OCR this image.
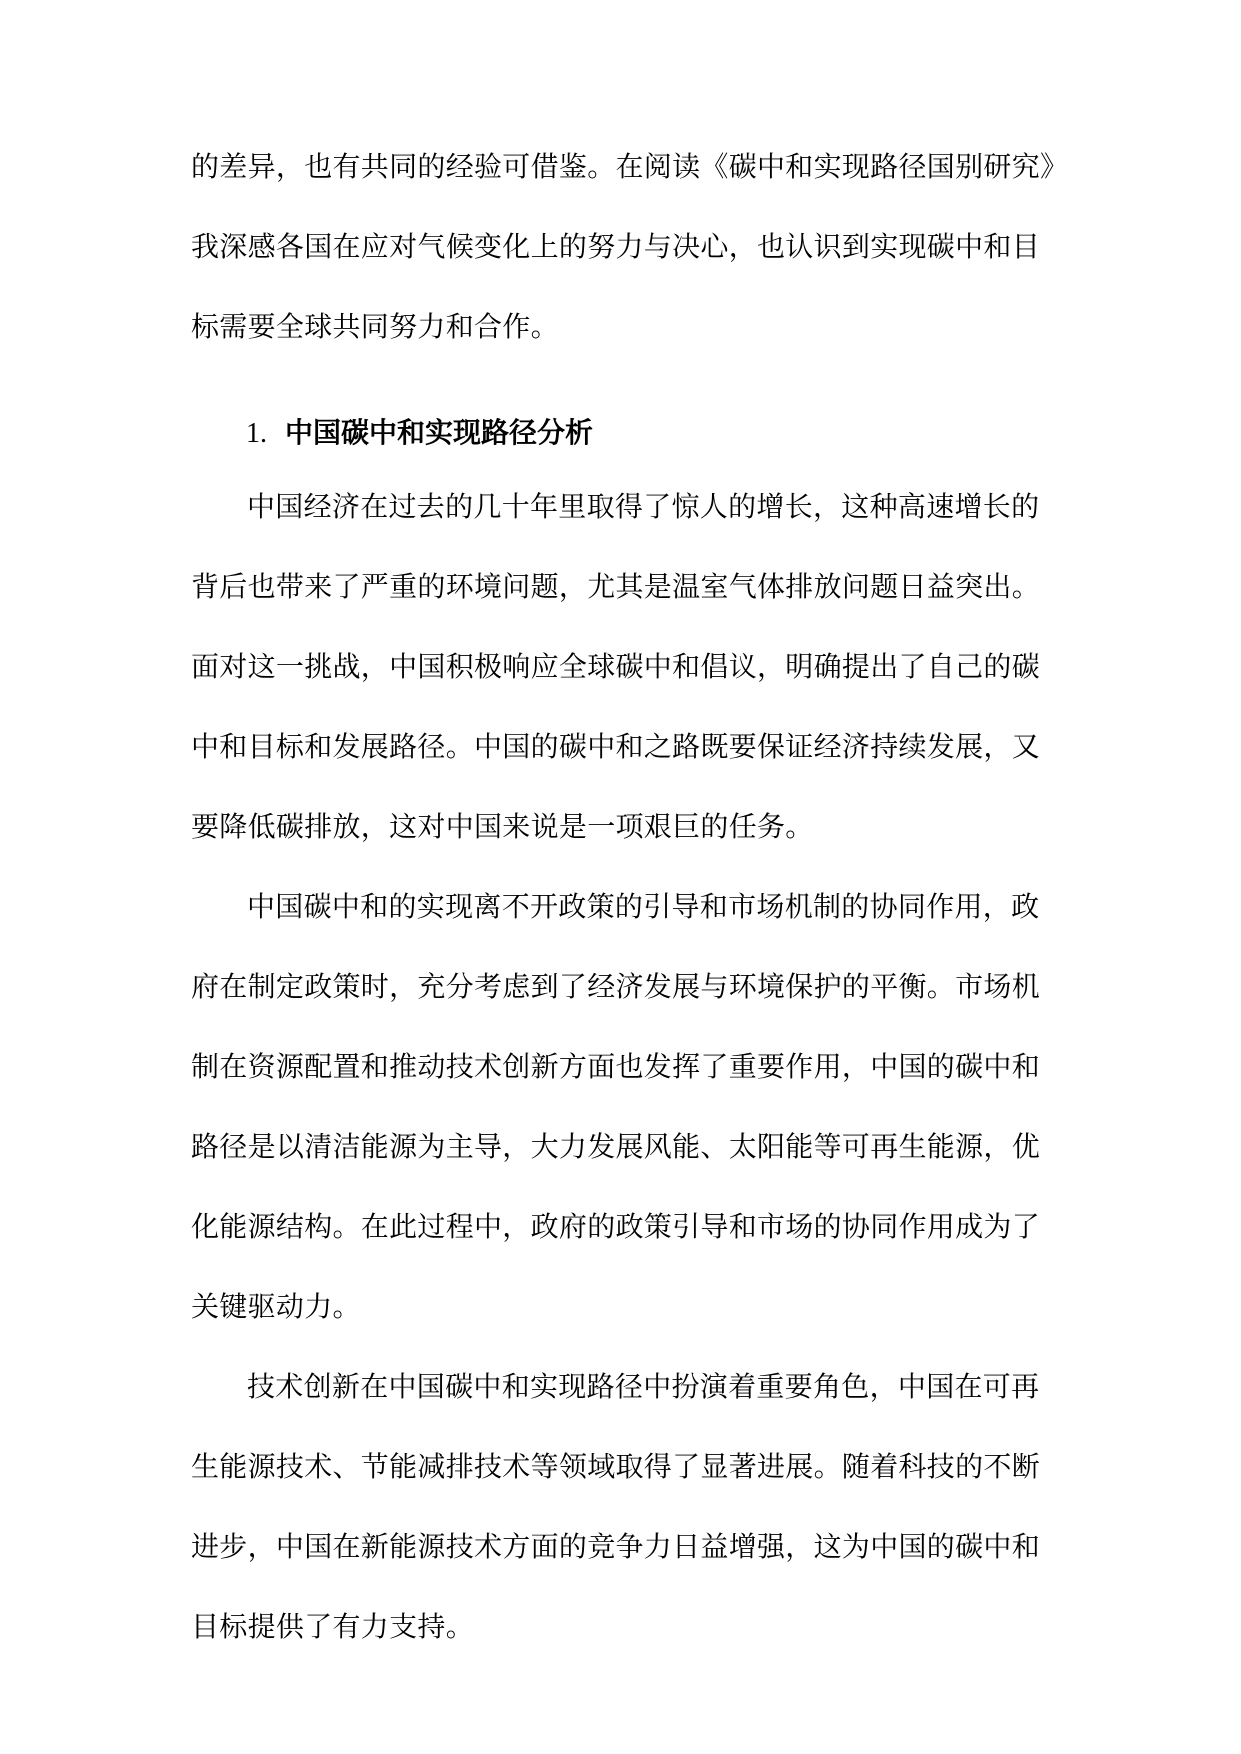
的差异，也有共同的经验可借鉴。在阅读《碳中和实现路径国别研究》
我深感各国在应对气候变化上的努力与决心，也认识到实现碳中和目
标需要全球共同努力和合作。
1. 中国碳中和实现路径分析
中国经济在过去的几十年里取得了惊人的增长，这种高速增长的
背后也带来了严重的环境问题，尤其是温室气体排放问题日益突出。
面对这一挑战，中国积极响应全球碳中和倡议，明确提出了自己的碳
中和目标和发展路径。中国的碳中和之路既要保证经济持续发展，又
要降低碳排放，这对中国来说是一项艰巨的任务。
中国碳中和的实现离不开政策的引导和市场机制的协同作用，政
府在制定政策时，充分考虑到了经济发展与环境保护的平衡。市场机
制在资源配置和推动技术创新方面也发挥了重要作用，中国的碳中和
路径是以清洁能源为主导，大力发展风能、太阳能等可再生能源，优
化能源结构。在此过程中，政府的政策引导和市场的协同作用成为了
关键驱动力。
技术创新在中国碳中和实现路径中扮演着重要角色，中国在可再
生能源技术、节能减排技术等领域取得了显著进展。随着科技的不断
进步，中国在新能源技术方面的竞争力日益增强，这为中国的碳中和
目标提供了有力支持。
